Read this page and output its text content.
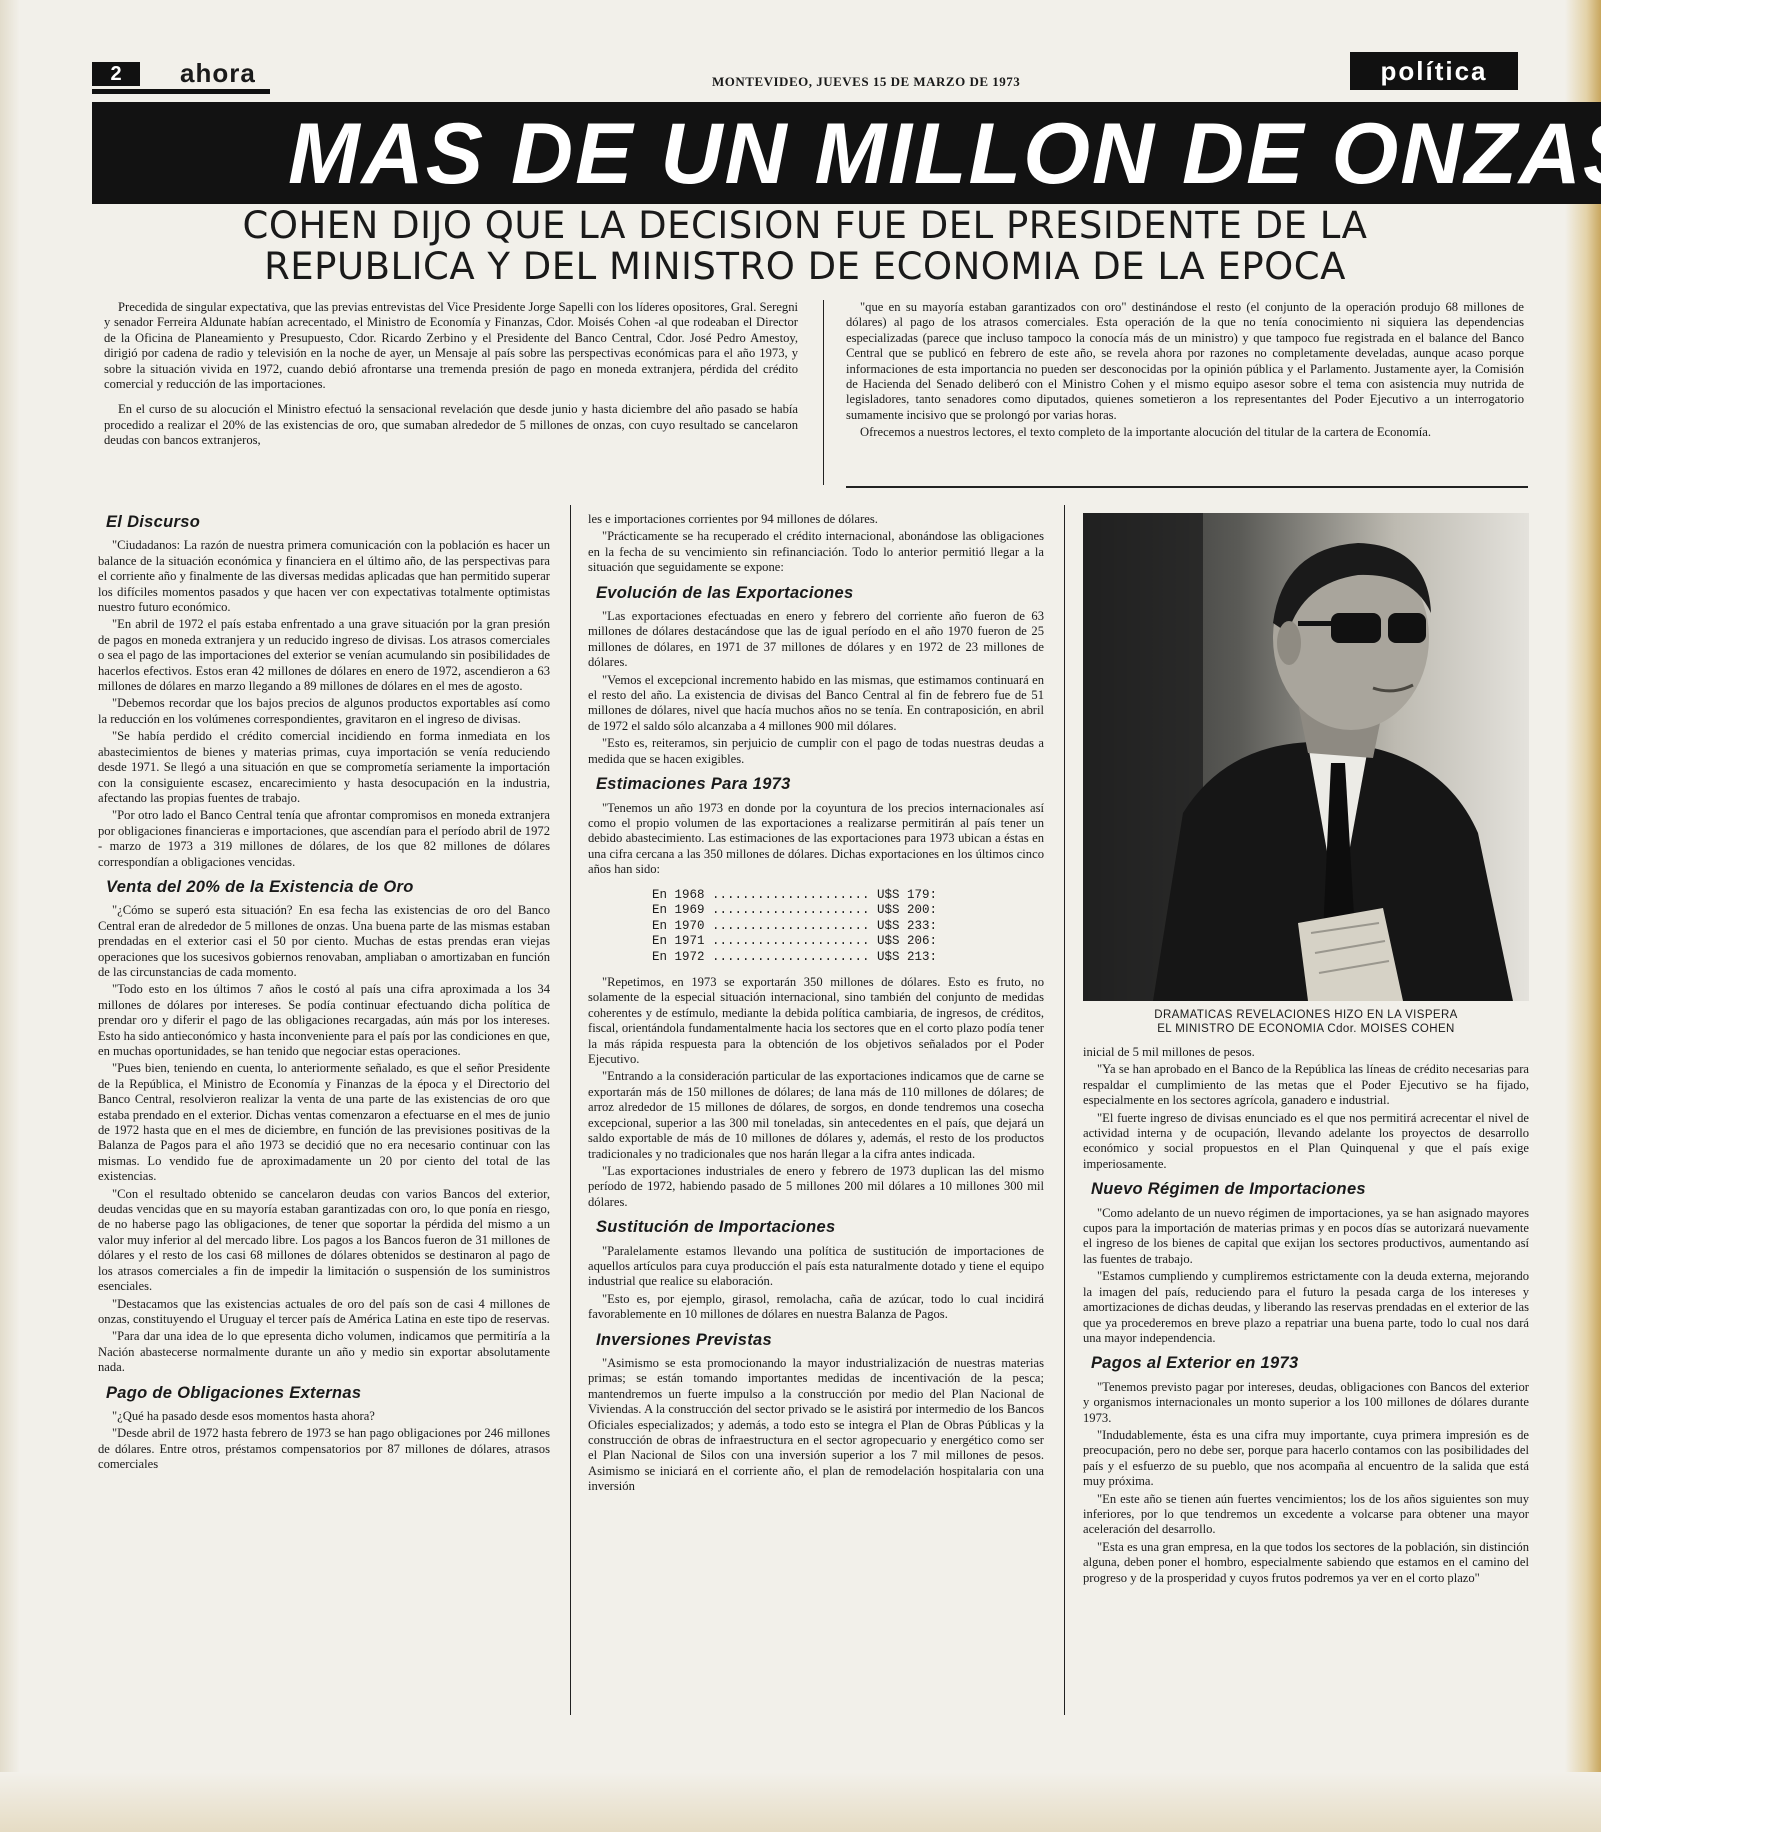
2	ahora	MONTEVIDEO, JUEVES 15 DE MARZO DE 1973	política
MAS DE UN MILLON DE ONZAS DE
COHEN DIJO QUE LA DECISION FUE DEL PRESIDENTE DE LA
REPUBLICA Y DEL MINISTRO DE ECONOMIA DE LA EPOCA

Precedida de singular expectativa, que las previas entrevistas del Vice Presidente Jorge Sapelli con los líderes opositores, Gral. Seregni y senador Ferreira Aldunate habían acrecentado, el Ministro de Economía y Finanzas, Cdor. Moisés Cohen -al que rodeaban el Director de la Oficina de Planeamiento y Presupuesto, Cdor. Ricardo Zerbino y el Presidente del Banco Central, Cdor. José Pedro Amestoy, dirigió por cadena de radio y televisión en la noche de ayer, un Mensaje al país sobre las perspectivas económicas para el año 1973, y sobre la situación vivida en 1972, cuando debió afrontarse una tremenda presión de pago en moneda extranjera, pérdida del crédito comercial y reducción de las importaciones.

En el curso de su alocución el Ministro efectuó la sensacional revelación que desde junio y hasta diciembre del año pasado se había procedido a realizar el 20% de las existencias de oro, que sumaban alrededor de 5 millones de onzas, con cuyo resultado se cancelaron deudas con bancos extranjeros,

"que en su mayoría estaban garantizados con oro" destinándose el resto (el conjunto de la operación produjo 68 millones de dólares) al pago de los atrasos comerciales. Esta operación de la que no tenía conocimiento ni siquiera las dependencias especializadas (parece que incluso tampoco la conocía más de un ministro) y que tampoco fue registrada en el balance del Banco Central que se publicó en febrero de este año, se revela ahora por razones no completamente develadas, aunque acaso porque informaciones de esta importancia no pueden ser desconocidas por la opinión pública y el Parlamento. Justamente ayer, la Comisión de Hacienda del Senado deliberó con el Ministro Cohen y el mismo equipo asesor sobre el tema con asistencia muy nutrida de legisladores, tanto senadores como diputados, quienes sometieron a los representantes del Poder Ejecutivo a un interrogatorio sumamente incisivo que se prolongó por varias horas.

Ofrecemos a nuestros lectores, el texto completo de la importante alocución del titular de la cartera de Economía.

El Discurso

"Ciudadanos: La razón de nuestra primera comunicación con la población es hacer un balance de la situación económica y financiera en el último año, de las perspectivas para el corriente año y finalmente de las diversas medidas aplicadas que han permitido superar los difíciles momentos pasados y que hacen ver con expectativas totalmente optimistas nuestro futuro económico.

"En abril de 1972 el país estaba enfrentado a una grave situación por la gran presión de pagos en moneda extranjera y un reducido ingreso de divisas. Los atrasos comerciales o sea el pago de las importaciones del exterior se venían acumulando sin posibilidades de hacerlos efectivos. Estos eran 42 millones de dólares en enero de 1972, ascendieron a 63 millones de dólares en marzo llegando a 89 millones de dólares en el mes de agosto.

"Debemos recordar que los bajos precios de algunos productos exportables así como la reducción en los volúmenes correspondientes, gravitaron en el ingreso de divisas.

"Se había perdido el crédito comercial incidiendo en forma inmediata en los abastecimientos de bienes y materias primas, cuya importación se venía reduciendo desde 1971. Se llegó a una situación en que se comprometía seriamente la importación con la consiguiente escasez, encarecimiento y hasta desocupación en la industria, afectando las propias fuentes de trabajo.

"Por otro lado el Banco Central tenía que afrontar compromisos en moneda extranjera por obligaciones financieras e importaciones, que ascendían para el período abril de 1972 - marzo de 1973 a 319 millones de dólares, de los que 82 millones de dólares correspondían a obligaciones vencidas.

Venta del 20% de la Existencia de Oro

"¿Cómo se superó esta situación? En esa fecha las existencias de oro del Banco Central eran de alrededor de 5 millones de onzas. Una buena parte de las mismas estaban prendadas en el exterior casi el 50 por ciento. Muchas de estas prendas eran viejas operaciones que los sucesivos gobiernos renovaban, ampliaban o amortizaban en función de las circunstancias de cada momento.

"Todo esto en los últimos 7 años le costó al país una cifra aproximada a los 34 millones de dólares por intereses. Se podía continuar efectuando dicha política de prendar oro y diferir el pago de las obligaciones recargadas, aún más por los intereses. Esto ha sido antieconómico y hasta inconveniente para el país por las condiciones en que, en muchas oportunidades, se han tenido que negociar estas operaciones.

"Pues bien, teniendo en cuenta, lo anteriormente señalado, es que el señor Presidente de la República, el Ministro de Economía y Finanzas de la época y el Directorio del Banco Central, resolvieron realizar la venta de una parte de las existencias de oro que estaba prendado en el exterior. Dichas ventas comenzaron a efectuarse en el mes de junio de 1972 hasta que en el mes de diciembre, en función de las previsiones positivas de la Balanza de Pagos para el año 1973 se decidió que no era necesario continuar con las mismas. Lo vendido fue de aproximadamente un 20 por ciento del total de las existencias.

"Con el resultado obtenido se cancelaron deudas con varios Bancos del exterior, deudas vencidas que en su mayoría estaban garantizadas con oro, lo que ponía en riesgo, de no haberse pago las obligaciones, de tener que soportar la pérdida del mismo a un valor muy inferior al del mercado libre. Los pagos a los Bancos fueron de 31 millones de dólares y el resto de los casi 68 millones de dólares obtenidos se destinaron al pago de los atrasos comerciales a fin de impedir la limitación o suspensión de los suministros esenciales.

"Destacamos que las existencias actuales de oro del país son de casi 4 millones de onzas, constituyendo el Uruguay el tercer país de América Latina en este tipo de reservas.

"Para dar una idea de lo que epresenta dicho volumen, indicamos que permitiría a la Nación abastecerse normalmente durante un año y medio sin exportar absolutamente nada.

Pago de Obligaciones Externas

"¿Qué ha pasado desde esos momentos hasta ahora?

"Desde abril de 1972 hasta febrero de 1973 se han pago obligaciones por 246 millones de dólares. Entre otros, préstamos compensatorios por 87 millones de dólares, atrasos comerciales

les e importaciones corrientes por 94 millones de dólares.

"Prácticamente se ha recuperado el crédito internacional, abonándose las obligaciones en la fecha de su vencimiento sin refinanciación. Todo lo anterior permitió llegar a la situación que seguidamente se expone:

Evolución de las Exportaciones

"Las exportaciones efectuadas en enero y febrero del corriente año fueron de 63 millones de dólares destacándose que las de igual período en el año 1970 fueron de 25 millones de dólares, en 1971 de 37 millones de dólares y en 1972 de 23 millones de dólares.

"Vemos el excepcional incremento habido en las mismas, que estimamos continuará en el resto del año. La existencia de divisas del Banco Central al fin de febrero fue de 51 millones de dólares, nivel que hacía muchos años no se tenía. En contraposición, en abril de 1972 el saldo sólo alcanzaba a 4 millones 900 mil dólares.

"Esto es, reiteramos, sin perjuicio de cumplir con el pago de todas nuestras deudas a medida que se hacen exigibles.

Estimaciones Para 1973

"Tenemos un año 1973 en donde por la coyuntura de los precios internacionales así como el propio volumen de las exportaciones a realizarse permitirán al país tener un debido abastecimiento. Las estimaciones de las exportaciones para 1973 ubican a éstas en una cifra cercana a las 350 millones de dólares. Dichas exportaciones en los últimos cinco años han sido:

En 1968 ..................... U$S 179:
En 1969 ..................... U$S 200:
En 1970 ..................... U$S 233:
En 1971 ..................... U$S 206:
En 1972 ..................... U$S 213:

"Repetimos, en 1973 se exportarán 350 millones de dólares. Esto es fruto, no solamente de la especial situación internacional, sino también del conjunto de medidas coherentes y de estímulo, mediante la debida política cambiaria, de ingresos, de créditos, fiscal, orientándola fundamentalmente hacia los sectores que en el corto plazo podía tener la más rápida respuesta para la obtención de los objetivos señalados por el Poder Ejecutivo.

"Entrando a la consideración particular de las exportaciones indicamos que de carne se exportarán más de 150 millones de dólares; de lana más de 110 millones de dólares; de arroz alrededor de 15 millones de dólares, de sorgos, en donde tendremos una cosecha excepcional, superior a las 300 mil toneladas, sin antecedentes en el país, que dejará un saldo exportable de más de 10 millones de dólares y, además, el resto de los productos tradicionales y no tradicionales que nos harán llegar a la cifra antes indicada.

"Las exportaciones industriales de enero y febrero de 1973 duplican las del mismo período de 1972, habiendo pasado de 5 millones 200 mil dólares a 10 millones 300 mil dólares.

Sustitución de Importaciones

"Paralelamente estamos llevando una política de sustitución de importaciones de aquellos artículos para cuya producción el país esta naturalmente dotado y tiene el equipo industrial que realice su elaboración.

"Esto es, por ejemplo, girasol, remolacha, caña de azúcar, todo lo cual incidirá favorablemente en 10 millones de dólares en nuestra Balanza de Pagos.

Inversiones Previstas

"Asimismo se esta promocionando la mayor industrialización de nuestras materias primas; se están tomando importantes medidas de incentivación de la pesca; mantendremos un fuerte impulso a la construcción por medio del Plan Nacional de Viviendas. A la construcción del sector privado se le asistirá por intermedio de los Bancos Oficiales especializados; y además, a todo esto se integra el Plan de Obras Públicas y la construcción de obras de infraestructura en el sector agropecuario y energético como ser el Plan Nacional de Silos con una inversión superior a los 7 mil millones de pesos. Asimismo se iniciará en el corriente año, el plan de remodelación hospitalaria con una inversión

DRAMATICAS REVELACIONES HIZO EN LA VISPERA
EL MINISTRO DE ECONOMIA Cdor. MOISES COHEN

inicial de 5 mil millones de pesos.

"Ya se han aprobado en el Banco de la República las líneas de crédito necesarias para respaldar el cumplimiento de las metas que el Poder Ejecutivo se ha fijado, especialmente en los sectores agrícola, ganadero e industrial.

"El fuerte ingreso de divisas enunciado es el que nos permitirá acrecentar el nivel de actividad interna y de ocupación, llevando adelante los proyectos de desarrollo económico y social propuestos en el Plan Quinquenal y que el país exige imperiosamente.

Nuevo Régimen de Importaciones

"Como adelanto de un nuevo régimen de importaciones, ya se han asignado mayores cupos para la importación de materias primas y en pocos días se autorizará nuevamente el ingreso de los bienes de capital que exijan los sectores productivos, aumentando así las fuentes de trabajo.

"Estamos cumpliendo y cumpliremos estrictamente con la deuda externa, mejorando la imagen del país, reduciendo para el futuro la pesada carga de los intereses y amortizaciones de dichas deudas, y liberando las reservas prendadas en el exterior de las que ya procederemos en breve plazo a repatriar una buena parte, todo lo cual nos dará una mayor independencia.

Pagos al Exterior en 1973

"Tenemos previsto pagar por intereses, deudas, obligaciones con Bancos del exterior y organismos internacionales un monto superior a los 100 millones de dólares durante 1973.

"Indudablemente, ésta es una cifra muy importante, cuya primera impresión es de preocupación, pero no debe ser, porque para hacerlo contamos con las posibilidades del país y el esfuerzo de su pueblo, que nos acompaña al encuentro de la salida que está muy próxima.

"En este año se tienen aún fuertes vencimientos; los de los años siguientes son muy inferiores, por lo que tendremos un excedente a volcarse para obtener una mayor aceleración del desarrollo.

"Esta es una gran empresa, en la que todos los sectores de la población, sin distinción alguna, deben poner el hombro, especialmente sabiendo que estamos en el camino del progreso y de la prosperidad y cuyos frutos podremos ya ver en el corto plazo"
